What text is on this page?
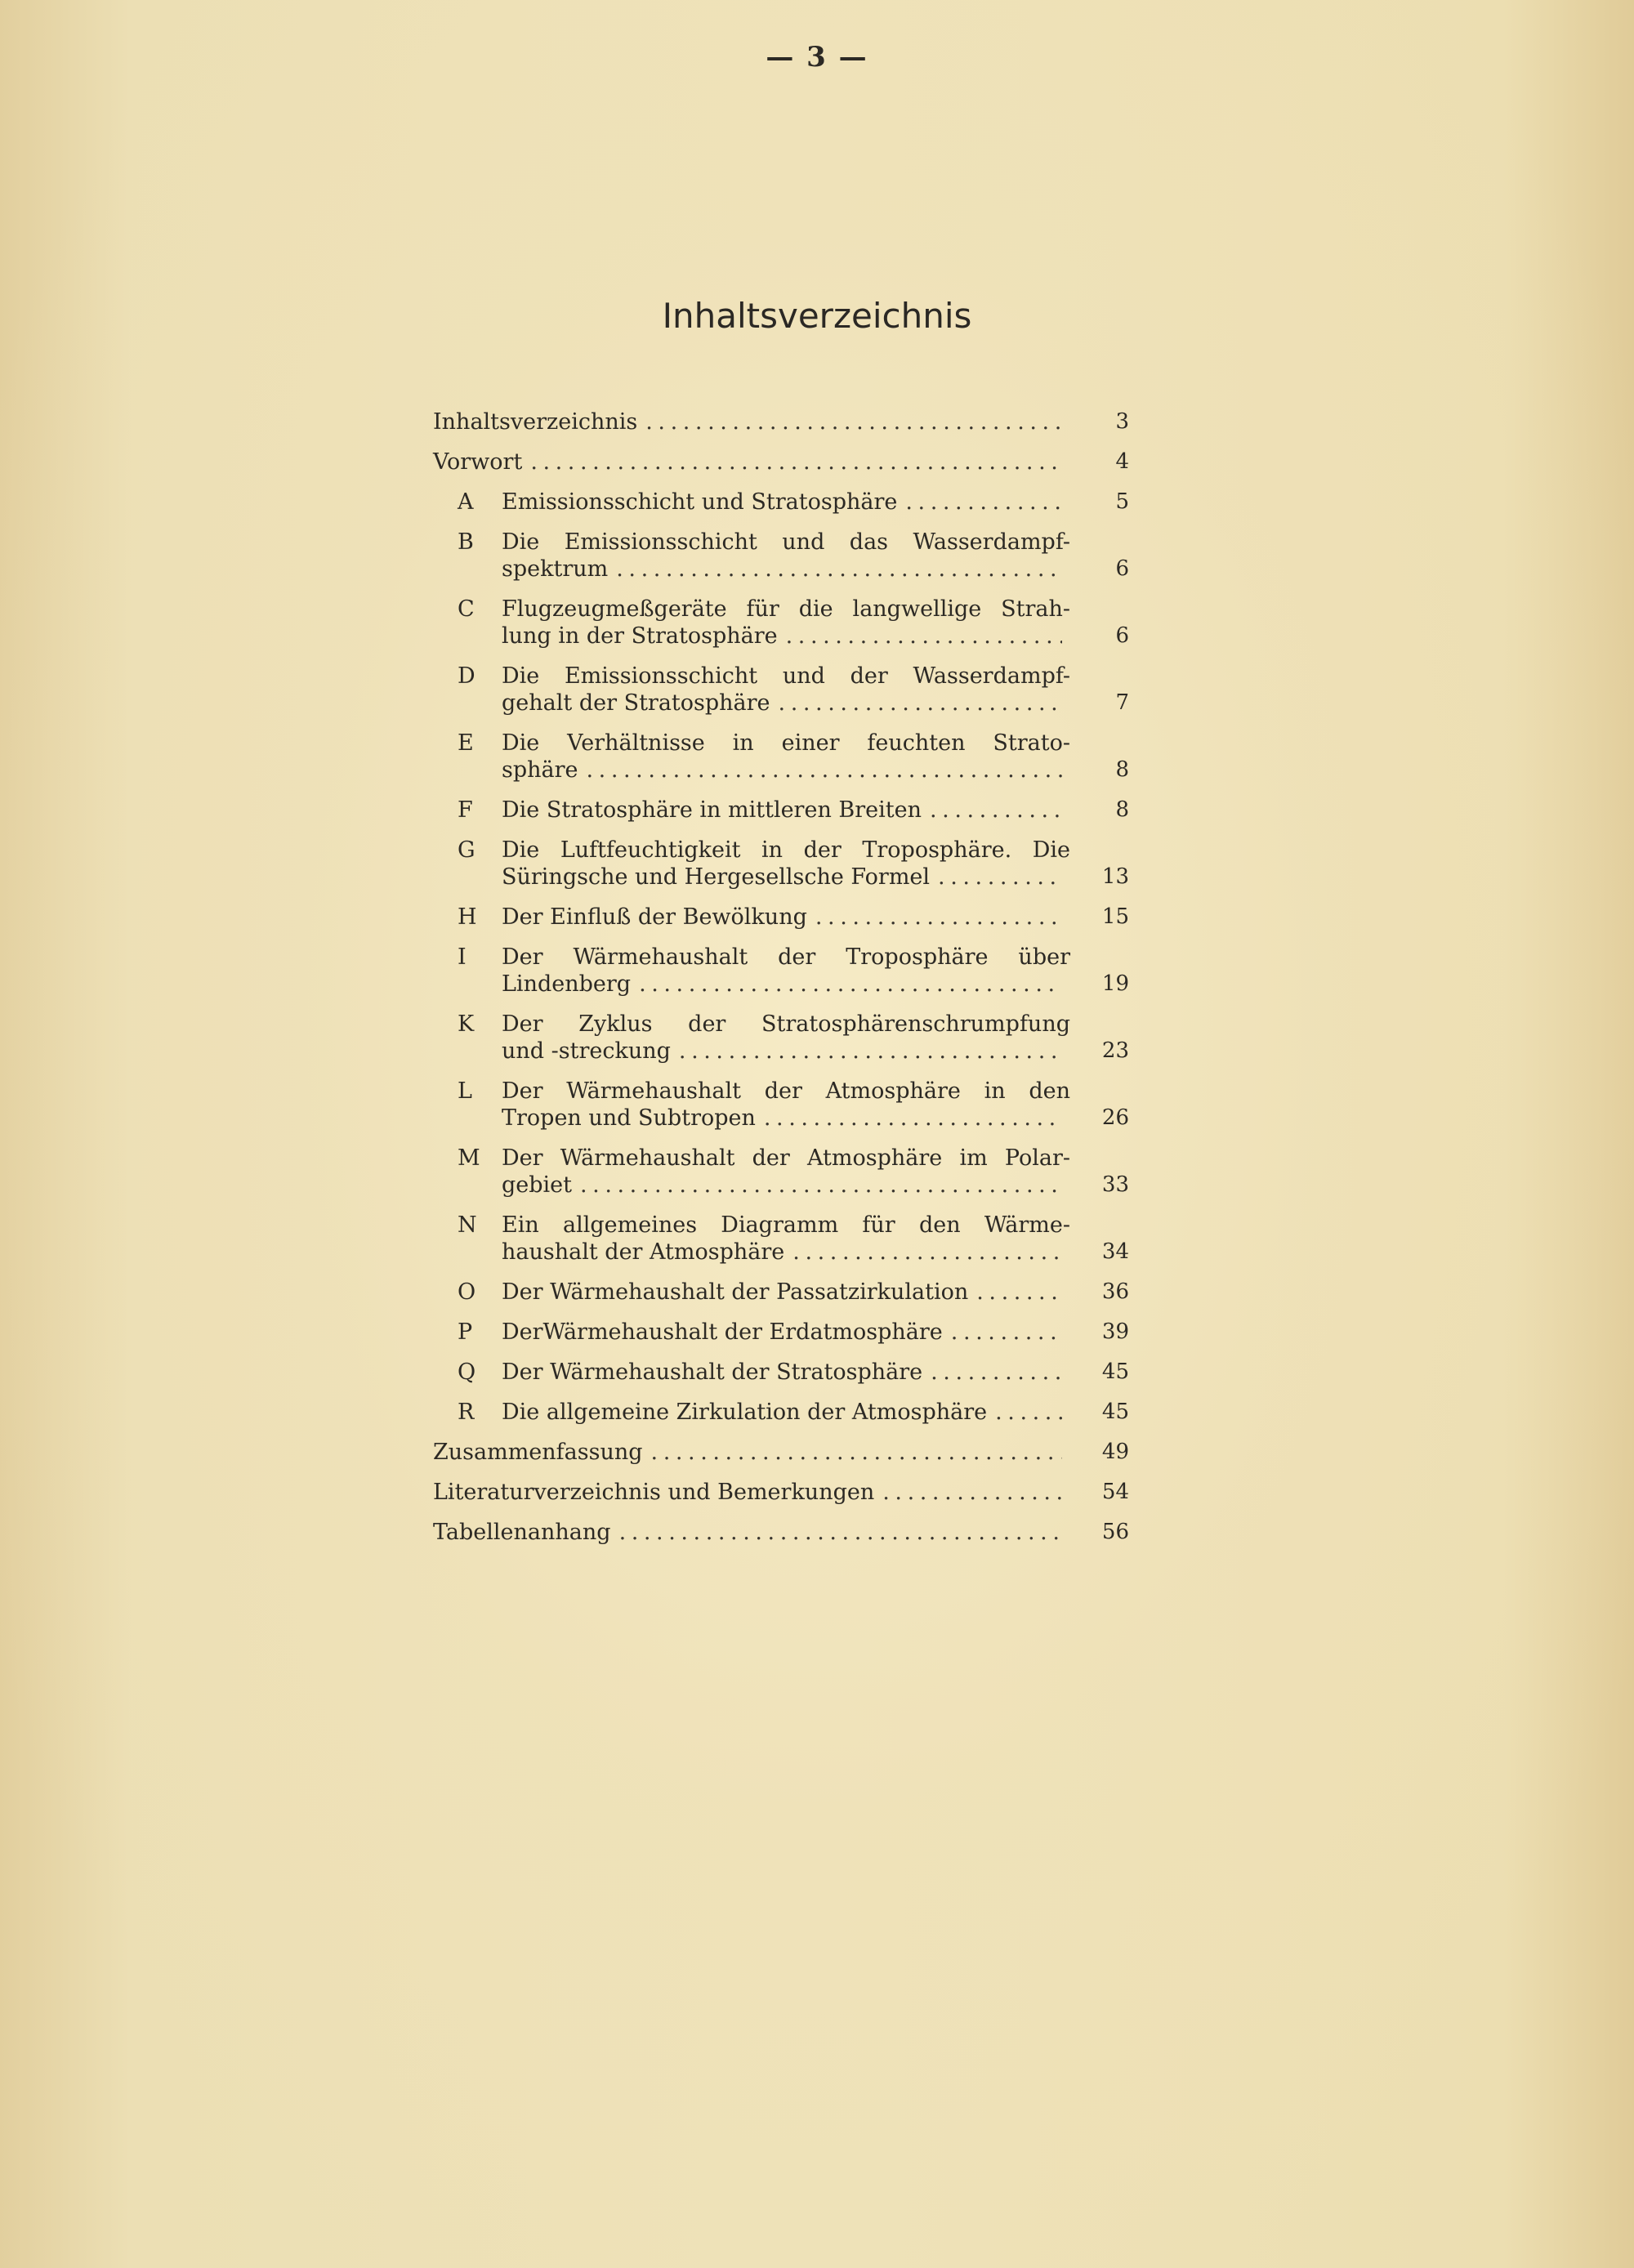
— 3 —
Inhaltsverzeichnis
Inhaltsverzeichnis . . .	3
Vorwort . . .	4
A	Emissionsschicht und Stratosphäre . . .	5
B	Die Emissionsschicht und das Wasserdampf-
spektrum . . .	6
C	Flugzeugmeßgeräte für die langwellige Strah-
lung in der Stratosphäre . . .	6
D	Die Emissionsschicht und der Wasserdampf-
gehalt der Stratosphäre . . .	7
E	Die Verhältnisse in einer feuchten Strato-
sphäre . . .	8
F	Die Stratosphäre in mittleren Breiten . . .	8
G	Die Luftfeuchtigkeit in der Troposphäre. Die
Süringsche und Hergesellsche Formel . . .	13
H	Der Einfluß der Bewölkung . . .	15
I	Der Wärmehaushalt der Troposphäre über
Lindenberg . . .	19
K	Der Zyklus der Stratosphärenschrumpfung
und -streckung . . .	23
L	Der Wärmehaushalt der Atmosphäre in den
Tropen und Subtropen . . .	26
M Der Wärmehaushalt der Atmosphäre im Polar-
gebiet . . .	33
N	Ein allgemeines Diagramm für den Wärme-
haushalt der Atmosphäre . . .	34
O	Der Wärmehaushalt der Passatzirkulation . . .	36
P	DerWärmehaushalt der Erdatmosphäre . . .	39
Q	Der Wärmehaushalt der Stratosphäre . . .	45
R	Die allgemeine Zirkulation der Atmosphäre . . .	45
Zusammenfassung . . .	49
Literaturverzeichnis und Bemerkungen . . .	54
Tabellenanhang . . .	56
